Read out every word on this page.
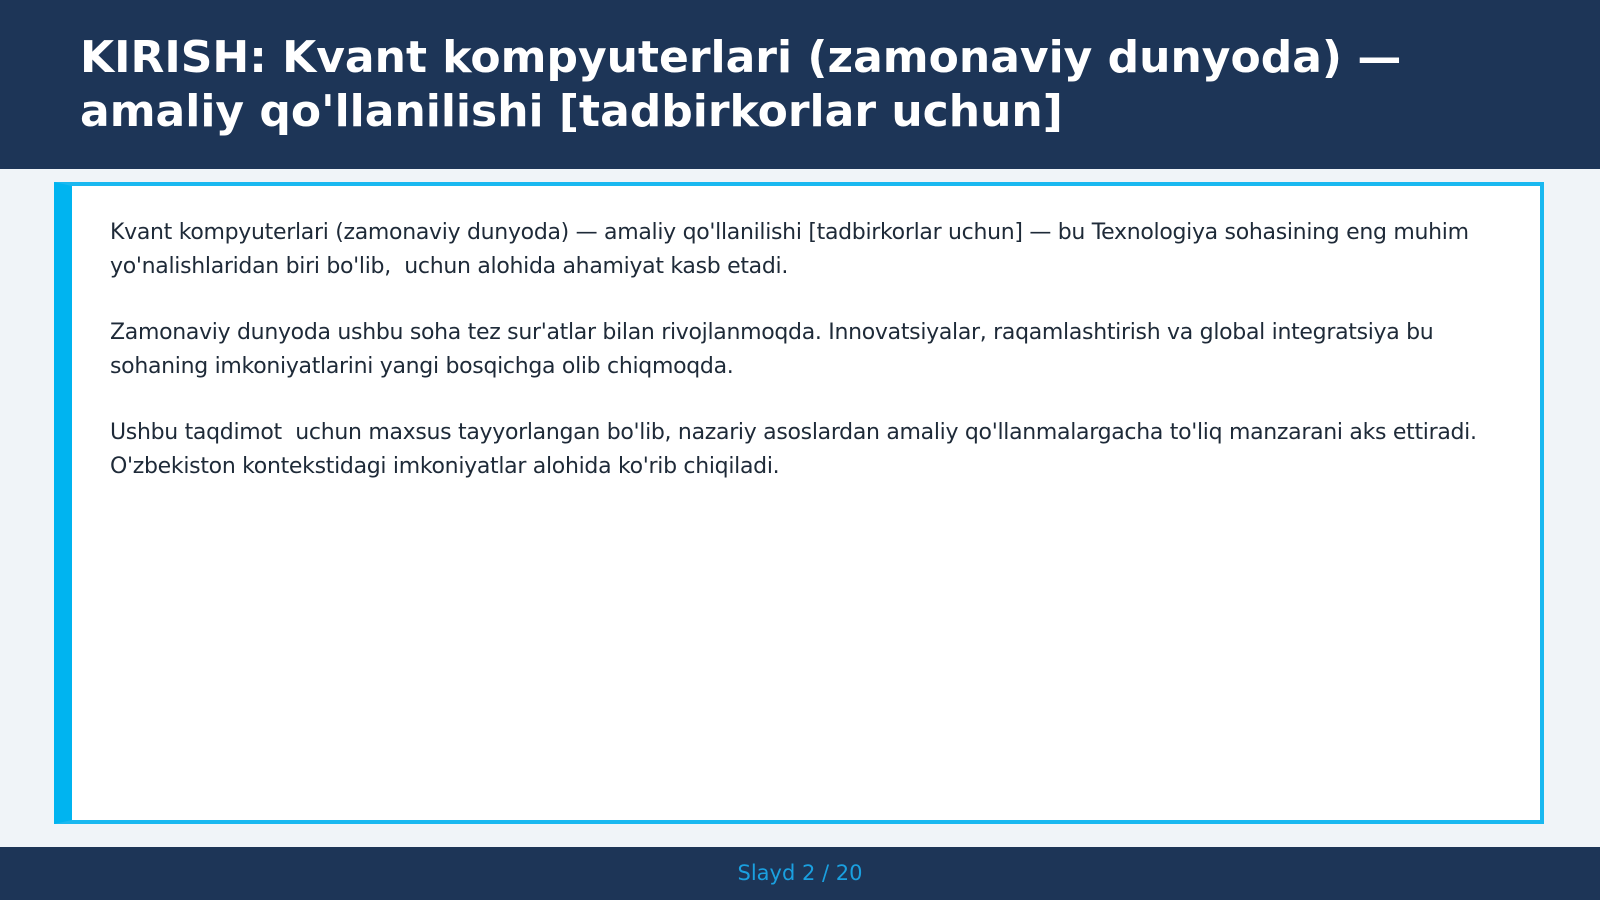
KIRISH: Kvant kompyuterlari (zamonaviy dunyoda) — amaliy qo'llanilishi [tadbirkorlar uchun]

Kvant kompyuterlari (zamonaviy dunyoda) — amaliy qo'llanilishi [tadbirkorlar uchun] — bu Texnologiya sohasining eng muhim yo'nalishlaridan biri bo'lib,  uchun alohida ahamiyat kasb etadi.

Zamonaviy dunyoda ushbu soha tez sur'atlar bilan rivojlanmoqda. Innovatsiyalar, raqamlashtirish va global integratsiya bu sohaning imkoniyatlarini yangi bosqichga olib chiqmoqda.

Ushbu taqdimot  uchun maxsus tayyorlangan bo'lib, nazariy asoslardan amaliy qo'llanmalargacha to'liq manzarani aks ettiradi. O'zbekiston kontekstidagi imkoniyatlar alohida ko'rib chiqiladi.

Slayd 2 / 20
